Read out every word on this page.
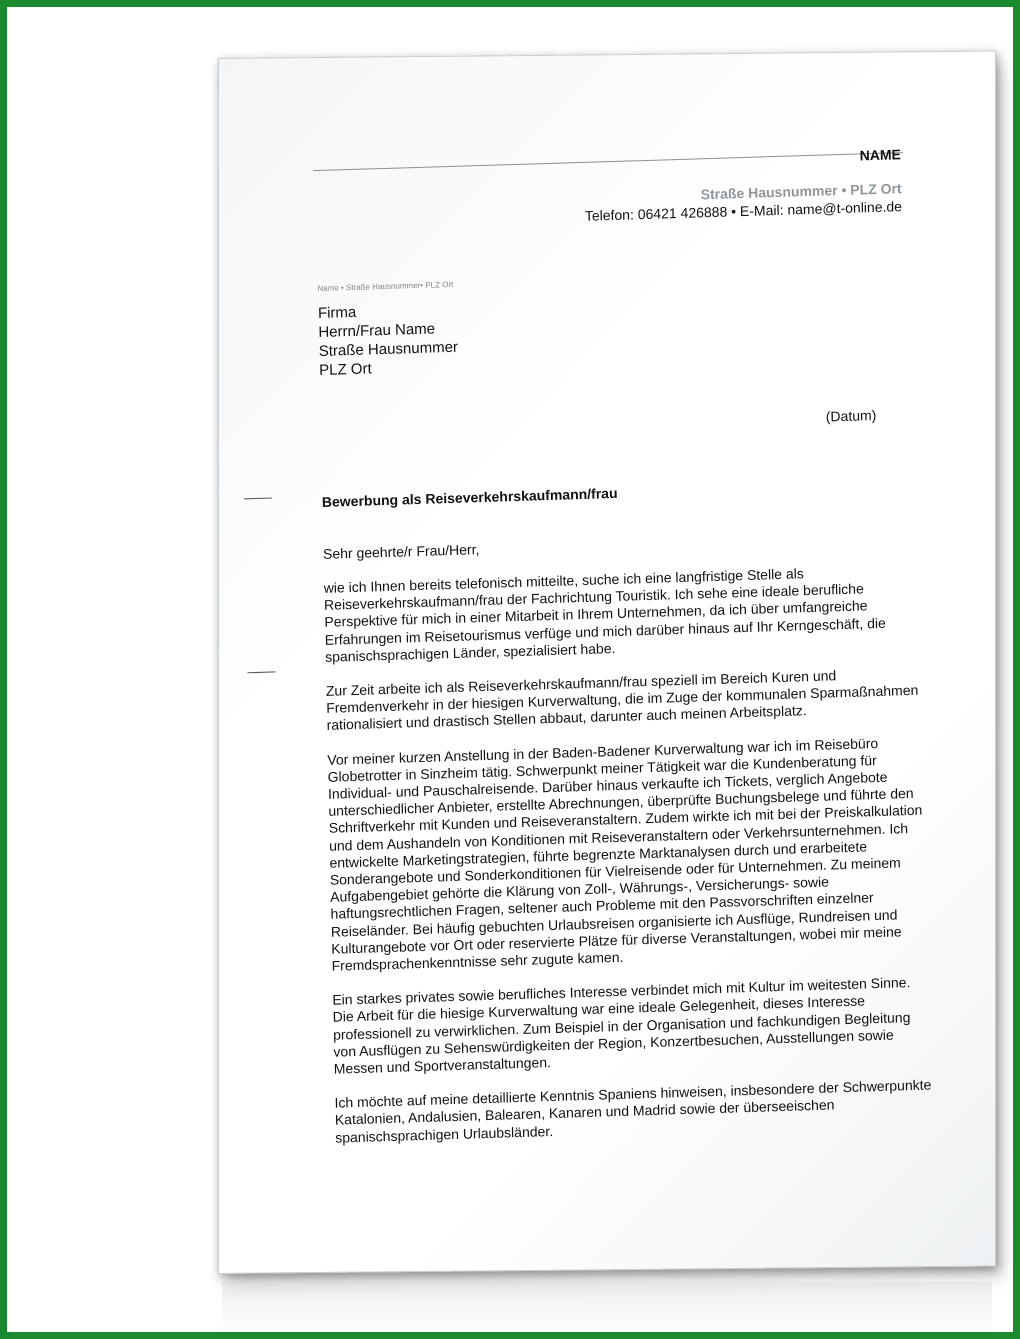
NAME
Straße Hausnummer • PLZ Ort
Telefon: 06421 426888 • E-Mail: name@t-online.de
Name • Straße Hausnummer• PLZ Ort
Firma
Herrn/Frau Name
Straße Hausnummer
PLZ Ort
(Datum)
Bewerbung als Reiseverkehrskaufmann/frau
Sehr geehrte/r Frau/Herr,

wie ich Ihnen bereits telefonisch mitteilte, suche ich eine langfristige Stelle als Reiseverkehrskaufmann/frau der Fachrichtung Touristik. Ich sehe eine ideale berufliche Perspektive für mich in einer Mitarbeit in Ihrem Unternehmen, da ich über umfangreiche Erfahrungen im Reisetourismus verfüge und mich darüber hinaus auf Ihr Kerngeschäft, die spanischsprachigen Länder, spezialisiert habe.

Zur Zeit arbeite ich als Reiseverkehrskaufmann/frau speziell im Bereich Kuren und Fremdenverkehr in der hiesigen Kurverwaltung, die im Zuge der kommunalen Sparmaßnahmen rationalisiert und drastisch Stellen abbaut, darunter auch meinen Arbeitsplatz.

Vor meiner kurzen Anstellung in der Baden-Badener Kurverwaltung war ich im Reisebüro Globetrotter in Sinzheim tätig. Schwerpunkt meiner Tätigkeit war die Kundenberatung für Individual- und Pauschalreisende. Darüber hinaus verkaufte ich Tickets, verglich Angebote unterschiedlicher Anbieter, erstellte Abrechnungen, überprüfte Buchungsbelege und führte den Schriftverkehr mit Kunden und Reiseveranstaltern. Zudem wirkte ich mit bei der Preiskalkulation und dem Aushandeln von Konditionen mit Reiseveranstaltern oder Verkehrsunternehmen. Ich entwickelte Marketingstrategien, führte begrenzte Marktanalysen durch und erarbeitete Sonderangebote und Sonderkonditionen für Vielreisende oder für Unternehmen. Zu meinem Aufgabengebiet gehörte die Klärung von Zoll-, Währungs-, Versicherungs- sowie haftungsrechtlichen Fragen, seltener auch Probleme mit den Passvorschriften einzelner Reiseländer. Bei häufig gebuchten Urlaubsreisen organisierte ich Ausflüge, Rundreisen und Kulturangebote vor Ort oder reservierte Plätze für diverse Veranstaltungen, wobei mir meine Fremdsprachenkenntnisse sehr zugute kamen.

Ein starkes privates sowie berufliches Interesse verbindet mich mit Kultur im weitesten Sinne. Die Arbeit für die hiesige Kurverwaltung war eine ideale Gelegenheit, dieses Interesse professionell zu verwirklichen. Zum Beispiel in der Organisation und fachkundigen Begleitung von Ausflügen zu Sehenswürdigkeiten der Region, Konzertbesuchen, Ausstellungen sowie Messen und Sportveranstaltungen.

Ich möchte auf meine detaillierte Kenntnis Spaniens hinweisen, insbesondere der Schwerpunkte Katalonien, Andalusien, Balearen, Kanaren und Madrid sowie der überseeischen spanischsprachigen Urlaubsländer.
